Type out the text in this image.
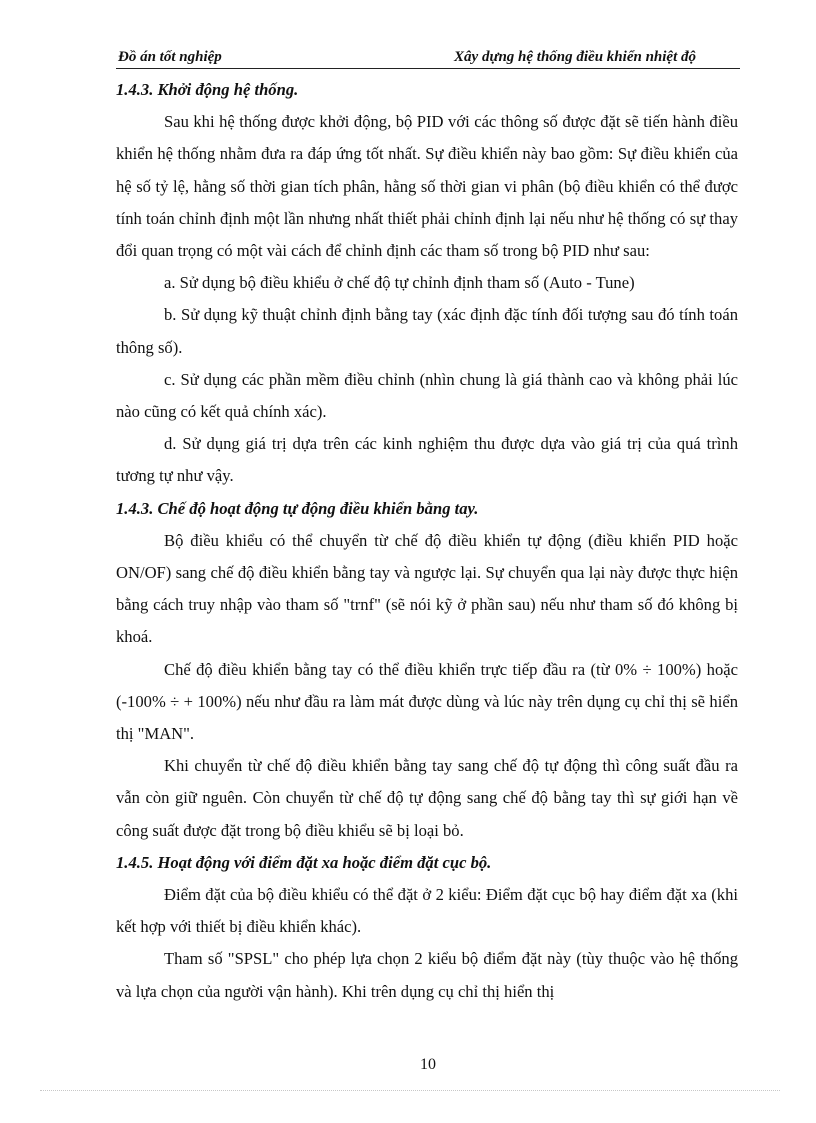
Đồ án tốt nghiệp	Xây dựng hệ thống điều khiển nhiệt độ

1.4.3. Khởi động hệ thống.

Sau khi hệ thống được khởi động, bộ PID với các thông số được đặt sẽ tiến hành điều khiển hệ thống nhằm đưa ra đáp ứng tốt nhất. Sự điều khiển này bao gồm: Sự điều khiển của hệ số tỷ lệ, hằng số thời gian tích phân, hằng số thời gian vi phân (bộ điều khiển có thể được tính toán chỉnh định một lần nhưng nhất thiết phải chỉnh định lại nếu như hệ thống có sự thay đổi quan trọng có một vài cách để chỉnh định các tham số trong bộ PID như sau:

a. Sử dụng bộ điều khiểu ở chế độ tự chỉnh định tham số (Auto - Tune)

b. Sử dụng kỹ thuật chỉnh định bằng tay (xác định đặc tính đối tượng sau đó tính toán thông số).

c. Sử dụng các phần mềm điều chỉnh (nhìn chung là giá thành cao và không phải lúc nào cũng có kết quả chính xác).

d. Sử dụng giá trị dựa trên các kinh nghiệm thu được dựa vào giá trị của quá trình tương tự như vậy.

1.4.3. Chế độ hoạt động tự động điều khiển bằng tay.

Bộ điều khiểu có thể chuyển từ chế độ điều khiển tự động (điều khiển PID hoặc ON/OF) sang chế độ điều khiển bằng tay và ngược lại. Sự chuyển qua lại này được thực hiện bằng cách truy nhập vào tham số "trnf" (sẽ nói kỹ ở phần sau) nếu như tham số đó không bị khoá.

Chế độ điều khiển bằng tay có thể điều khiển trực tiếp đầu ra (từ 0% ÷ 100%) hoặc (-100% ÷ + 100%) nếu như đầu ra làm mát được dùng và lúc này trên dụng cụ chỉ thị sẽ hiển thị "MAN".

Khi chuyển từ chế độ điều khiển bằng tay sang chế độ tự động thì công suất đầu ra vẫn còn giữ nguên. Còn chuyển từ chế độ tự động sang chế độ bằng tay thì sự giới hạn về công suất được đặt trong bộ điều khiểu sẽ bị loại bỏ.

1.4.5. Hoạt động với điểm đặt xa hoặc điểm đặt cục bộ.

Điểm đặt của bộ điều khiểu có thể đặt ở 2 kiểu: Điểm đặt cục bộ hay điểm đặt xa (khi kết hợp với thiết bị điều khiển khác).

Tham số "SPSL" cho phép lựa chọn 2 kiểu bộ điểm đặt này (tùy thuộc vào hệ thống và lựa chọn của người vận hành). Khi trên dụng cụ chỉ thị hiển thị

10
